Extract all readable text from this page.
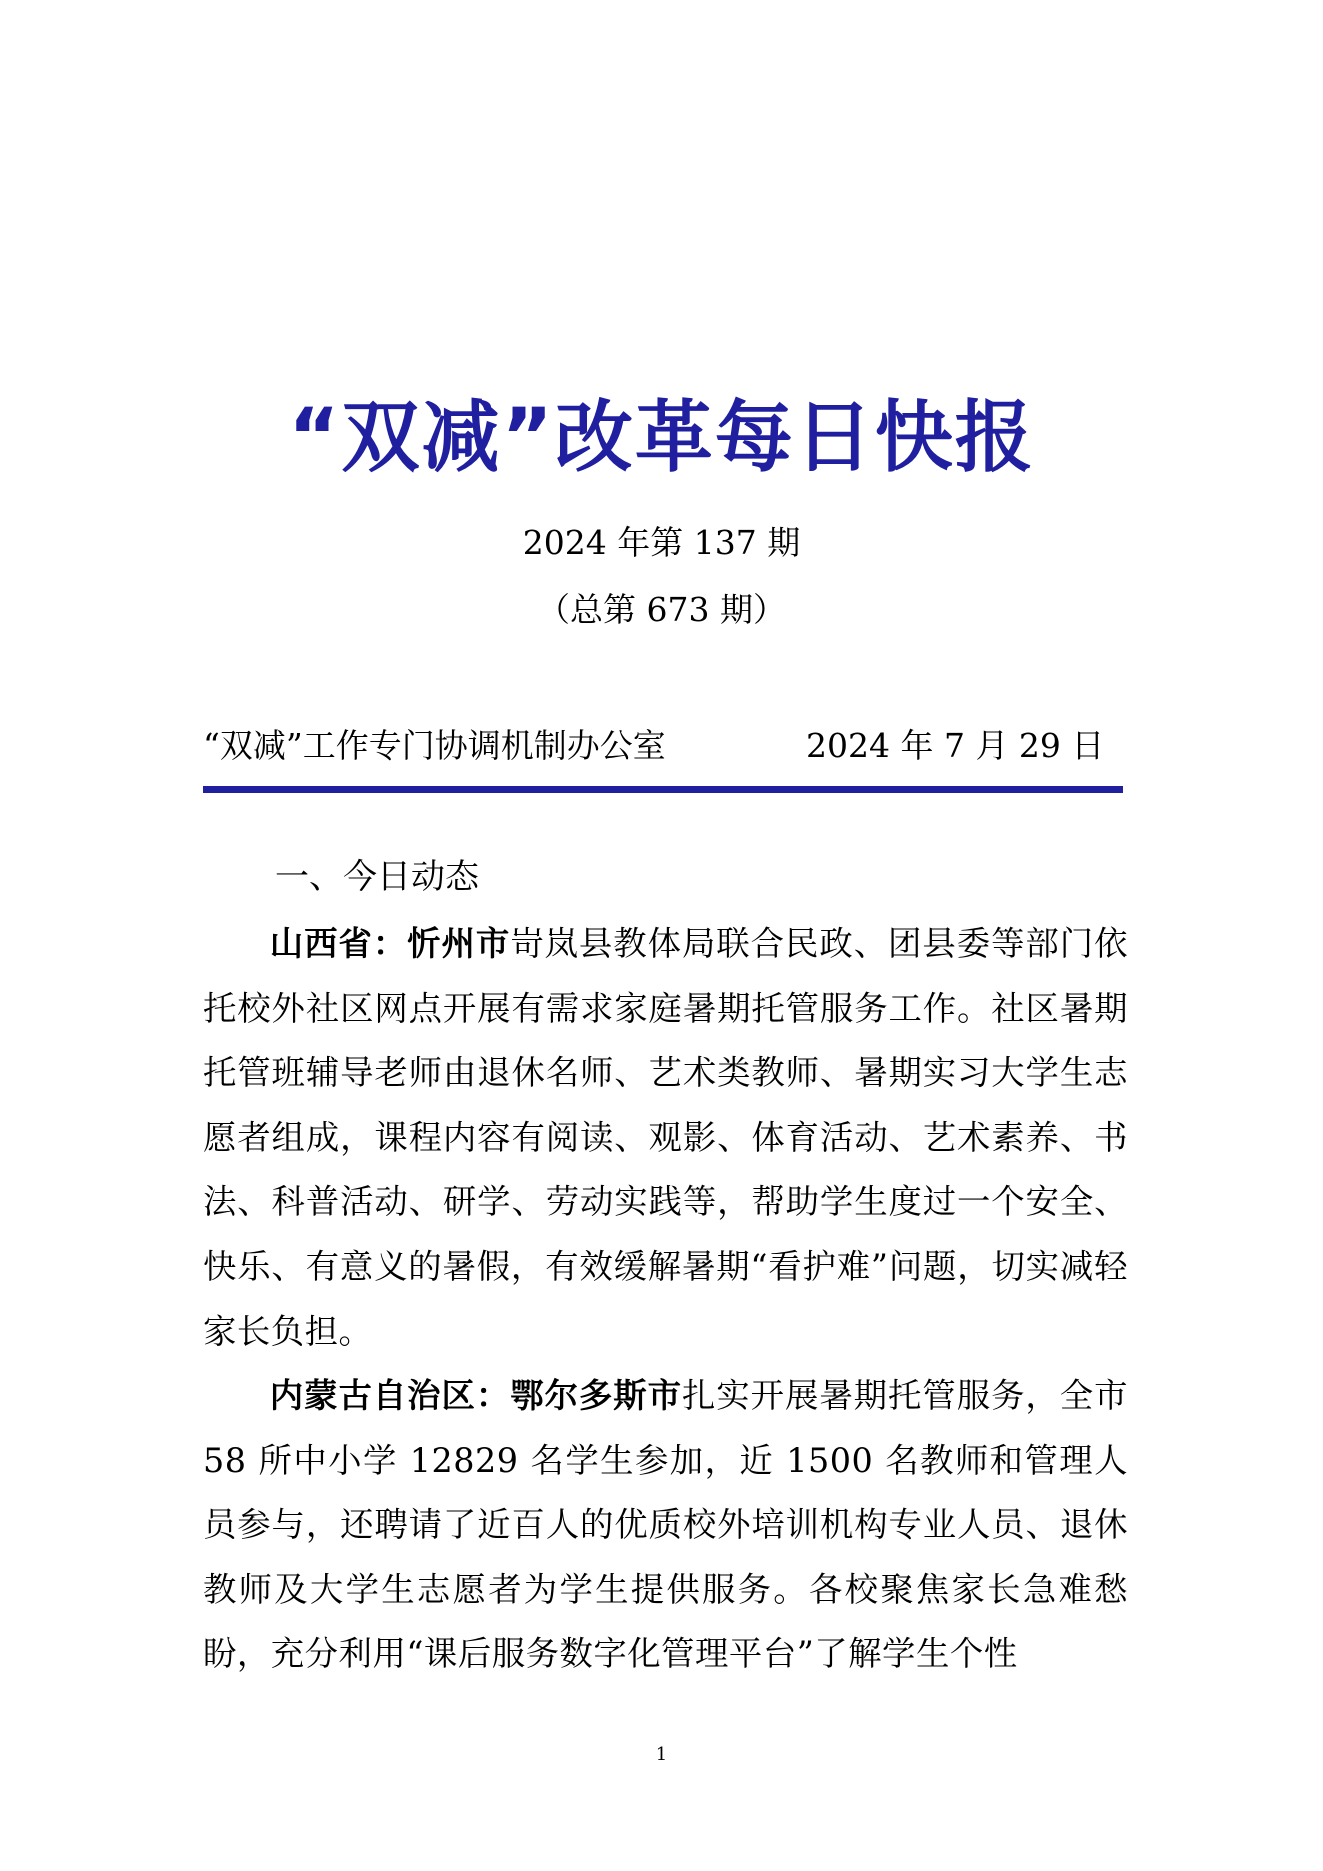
“双减”改革每日快报
2024 年第 137 期
（总第 673 期）
“双减”工作专门协调机制办公室	2024 年 7 月 29 日
一、今日动态

山西省：忻州市岢岚县教体局联合民政、团县委等部门依托校外社区网点开展有需求家庭暑期托管服务工作。社区暑期托管班辅导老师由退休名师、艺术类教师、暑期实习大学生志愿者组成，课程内容有阅读、观影、体育活动、艺术素养、书法、科普活动、研学、劳动实践等，帮助学生度过一个安全、快乐、有意义的暑假，有效缓解暑期“看护难”问题，切实减轻家长负担。

内蒙古自治区：鄂尔多斯市扎实开展暑期托管服务，全市 58 所中小学 12829 名学生参加，近 1500 名教师和管理人员参与，还聘请了近百人的优质校外培训机构专业人员、退休教师及大学生志愿者为学生提供服务。各校聚焦家长急难愁盼，充分利用“课后服务数字化管理平台”了解学生个性

1
